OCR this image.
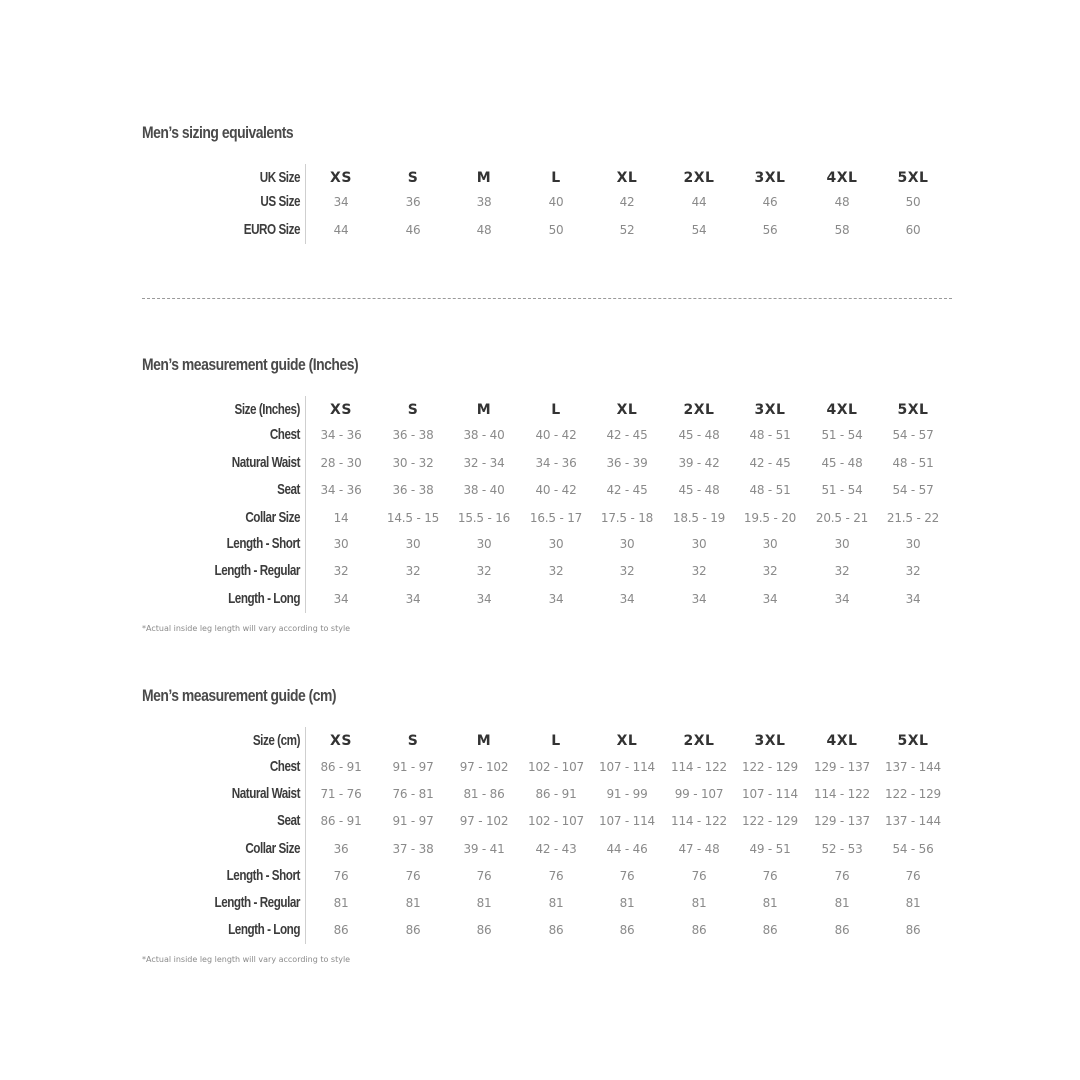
Men’s sizing equivalents
UK Size	XS	S	M	L	XL	2XL	3XL	4XL	5XL
US Size	34	36	38	40	42	44	46	48	50
EURO Size	44	46	48	50	52	54	56	58	60
Men’s measurement guide (Inches)
Size (Inches)	XS	S	M	L	XL	2XL	3XL	4XL	5XL
Chest	34 - 36	36 - 38	38 - 40	40 - 42	42 - 45	45 - 48	48 - 51	51 - 54	54 - 57
Natural Waist	28 - 30	30 - 32	32 - 34	34 - 36	36 - 39	39 - 42	42 - 45	45 - 48	48 - 51
Seat	34 - 36	36 - 38	38 - 40	40 - 42	42 - 45	45 - 48	48 - 51	51 - 54	54 - 57
Collar Size	14	14.5 - 15	15.5 - 16	16.5 - 17	17.5 - 18	18.5 - 19	19.5 - 20	20.5 - 21	21.5 - 22
Length - Short	30	30	30	30	30	30	30	30	30
Length - Regular	32	32	32	32	32	32	32	32	32
Length - Long	34	34	34	34	34	34	34	34	34
*Actual inside leg length will vary according to style
Men’s measurement guide (cm)
Size (cm)	XS	S	M	L	XL	2XL	3XL	4XL	5XL
Chest	86 - 91	91 - 97	97 - 102	102 - 107	107 - 114	114 - 122	122 - 129	129 - 137	137 - 144
Natural Waist	71 - 76	76 - 81	81 - 86	86 - 91	91 - 99	99 - 107	107 - 114	114 - 122	122 - 129
Seat	86 - 91	91 - 97	97 - 102	102 - 107	107 - 114	114 - 122	122 - 129	129 - 137	137 - 144
Collar Size	36	37 - 38	39 - 41	42 - 43	44 - 46	47 - 48	49 - 51	52 - 53	54 - 56
Length - Short	76	76	76	76	76	76	76	76	76
Length - Regular	81	81	81	81	81	81	81	81	81
Length - Long	86	86	86	86	86	86	86	86	86
*Actual inside leg length will vary according to style
